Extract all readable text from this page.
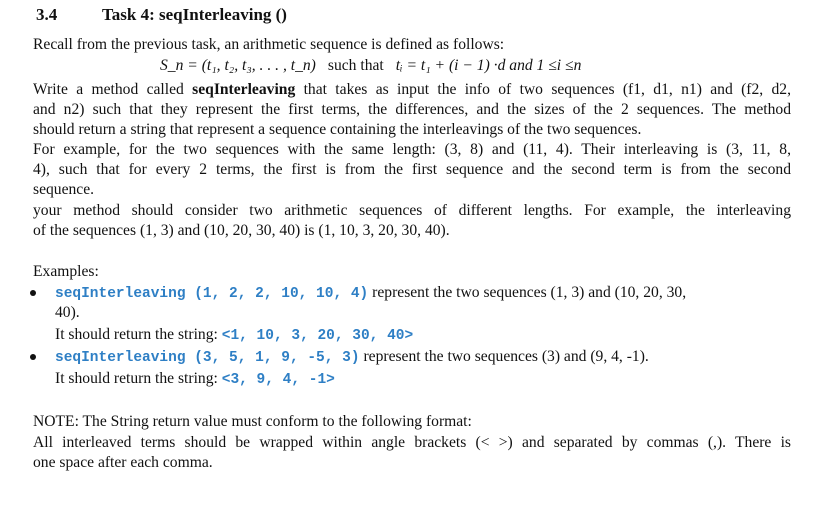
3.4	Task 4: seqInterleaving ()
Recall from the previous task, an arithmetic sequence is defined as follows:
S_n = (t₁, t₂, t₃, . . . , t_n) such that tᵢ = t₁ + (i − 1) ·d and 1 ≤i ≤n
Write a method called seqInterleaving that takes as input the info of two sequences (f1, d1, n1) and (f2, d2,
and n2) such that they represent the first terms, the differences, and the sizes of the 2 sequences. The method
should return a string that represent a sequence containing the interleavings of the two sequences.
For example, for the two sequences with the same length: (3, 8) and (11, 4). Their interleaving is (3, 11, 8,
4), such that for every 2 terms, the first is from the first sequence and the second term is from the second
sequence.
your method should consider two arithmetic sequences of different lengths. For example, the interleaving
of the sequences (1, 3) and (10, 20, 30, 40) is (1, 10, 3, 20, 30, 40).
Examples:
seqInterleaving (1, 2, 2, 10, 10, 4) represent the two sequences (1, 3) and (10, 20, 30,
40).
It should return the string: <1, 10, 3, 20, 30, 40>
seqInterleaving (3, 5, 1, 9, -5, 3) represent the two sequences (3) and (9, 4, -1).
It should return the string: <3, 9, 4, -1>
NOTE: The String return value must conform to the following format:
All interleaved terms should be wrapped within angle brackets (< >) and separated by commas (,). There is
one space after each comma.
